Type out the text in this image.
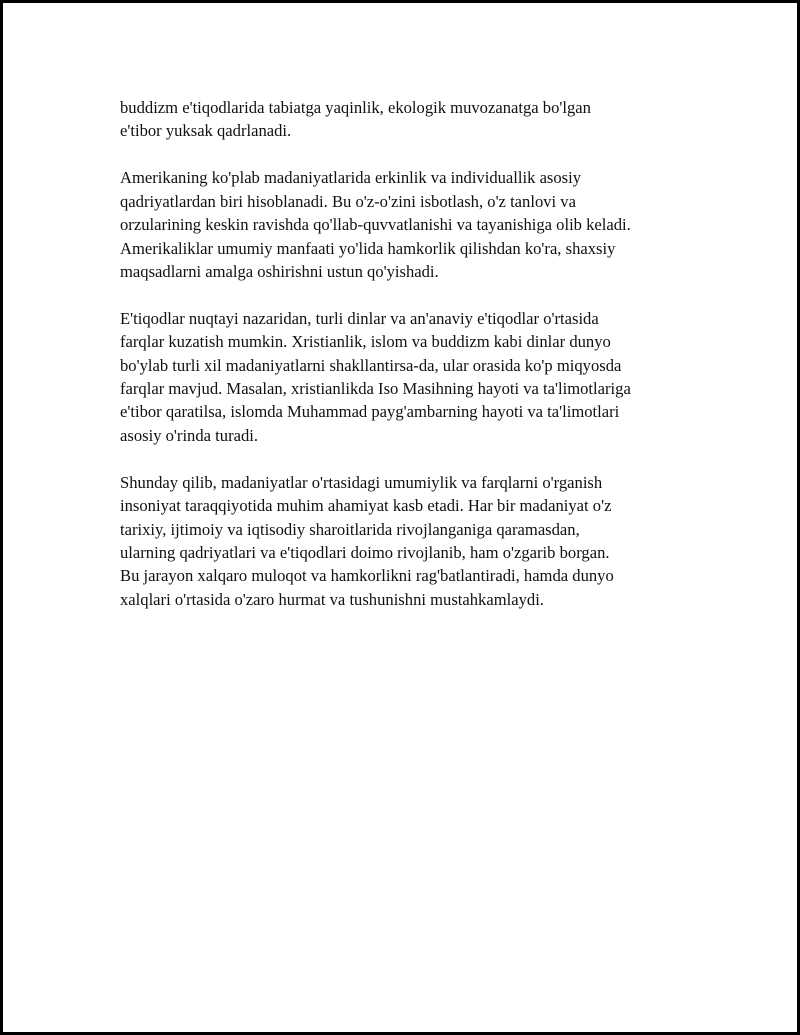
buddizm e'tiqodlarida tabiatga yaqinlik, ekologik muvozanatga bo'lgan
e'tibor yuksak qadrlanadi.

Amerikaning ko'plab madaniyatlarida erkinlik va individuallik asosiy
qadriyatlardan biri hisoblanadi. Bu o'z-o'zini isbotlash, o'z tanlovi va
orzularining keskin ravishda qo'llab-quvvatlanishi va tayanishiga olib keladi.
Amerikaliklar umumiy manfaati yo'lida hamkorlik qilishdan ko'ra, shaxsiy
maqsadlarni amalga oshirishni ustun qo'yishadi.

E'tiqodlar nuqtayi nazaridan, turli dinlar va an'anaviy e'tiqodlar o'rtasida
farqlar kuzatish mumkin. Xristianlik, islom va buddizm kabi dinlar dunyo
bo'ylab turli xil madaniyatlarni shakllantirsa-da, ular orasida ko'p miqyosda
farqlar mavjud. Masalan, xristianlikda Iso Masihning hayoti va ta'limotlariga
e'tibor qaratilsa, islomda Muhammad payg'ambarning hayoti va ta'limotlari
asosiy o'rinda turadi.

Shunday qilib, madaniyatlar o'rtasidagi umumiylik va farqlarni o'rganish
insoniyat taraqqiyotida muhim ahamiyat kasb etadi. Har bir madaniyat o'z
tarixiy, ijtimoiy va iqtisodiy sharoitlarida rivojlanganiga qaramasdan,
ularning qadriyatlari va e'tiqodlari doimo rivojlanib, ham o'zgarib borgan.
Bu jarayon xalqaro muloqot va hamkorlikni rag'batlantiradi, hamda dunyo
xalqlari o'rtasida o'zaro hurmat va tushunishni mustahkamlaydi.
